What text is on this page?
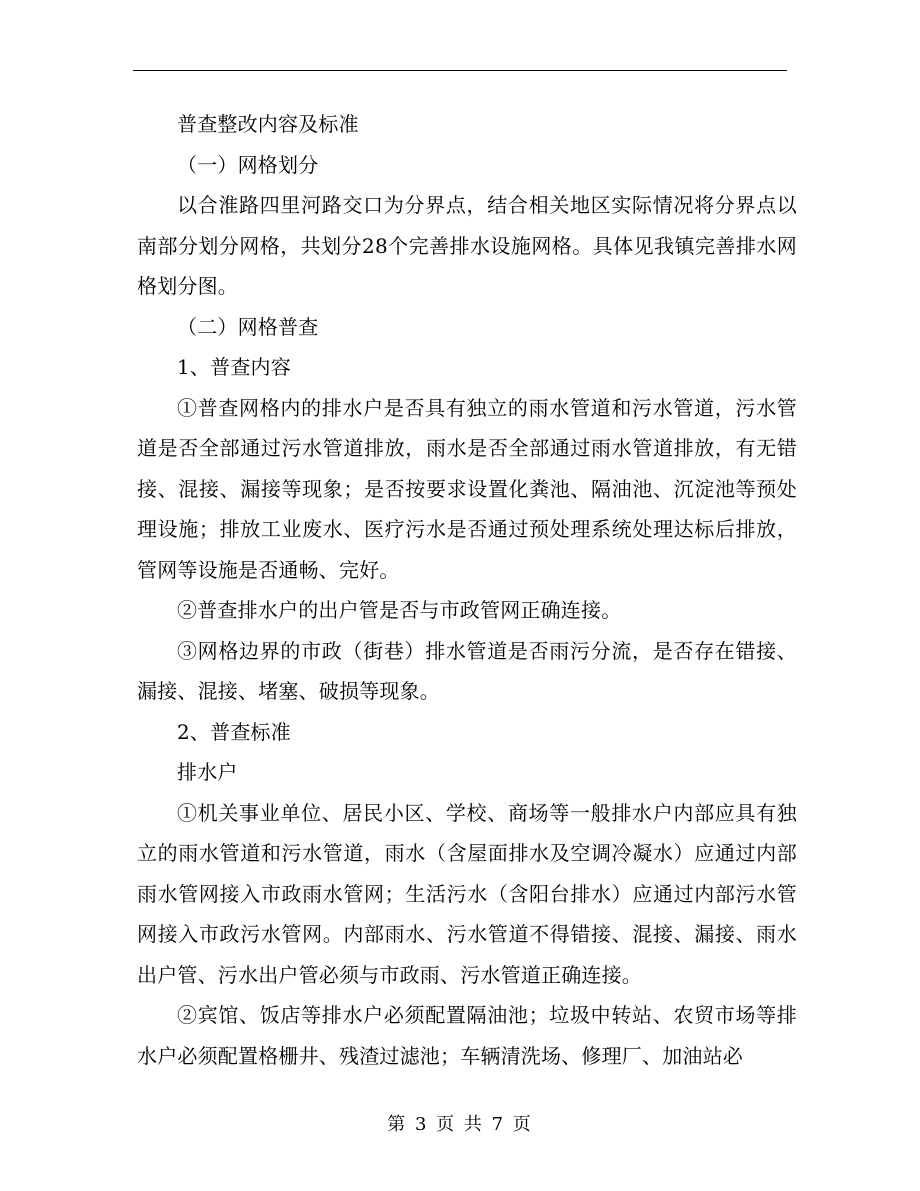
普查整改内容及标准

（一）网格划分

以合淮路四里河路交口为分界点，结合相关地区实际情况将分界点以南部分划分网格，共划分28个完善排水设施网格。具体见我镇完善排水网格划分图。

（二）网格普查

1、普查内容

①普查网格内的排水户是否具有独立的雨水管道和污水管道，污水管道是否全部通过污水管道排放，雨水是否全部通过雨水管道排放，有无错接、混接、漏接等现象；是否按要求设置化粪池、隔油池、沉淀池等预处理设施；排放工业废水、医疗污水是否通过预处理系统处理达标后排放，管网等设施是否通畅、完好。

②普查排水户的出户管是否与市政管网正确连接。

③网格边界的市政（街巷）排水管道是否雨污分流，是否存在错接、漏接、混接、堵塞、破损等现象。

2、普查标准

排水户

①机关事业单位、居民小区、学校、商场等一般排水户内部应具有独立的雨水管道和污水管道，雨水（含屋面排水及空调冷凝水）应通过内部雨水管网接入市政雨水管网；生活污水（含阳台排水）应通过内部污水管网接入市政污水管网。内部雨水、污水管道不得错接、混接、漏接、雨水出户管、污水出户管必须与市政雨、污水管道正确连接。

②宾馆、饭店等排水户必须配置隔油池；垃圾中转站、农贸市场等排水户必须配置格栅井、残渣过滤池；车辆清洗场、修理厂、加油站必

第 3 页 共 7 页
